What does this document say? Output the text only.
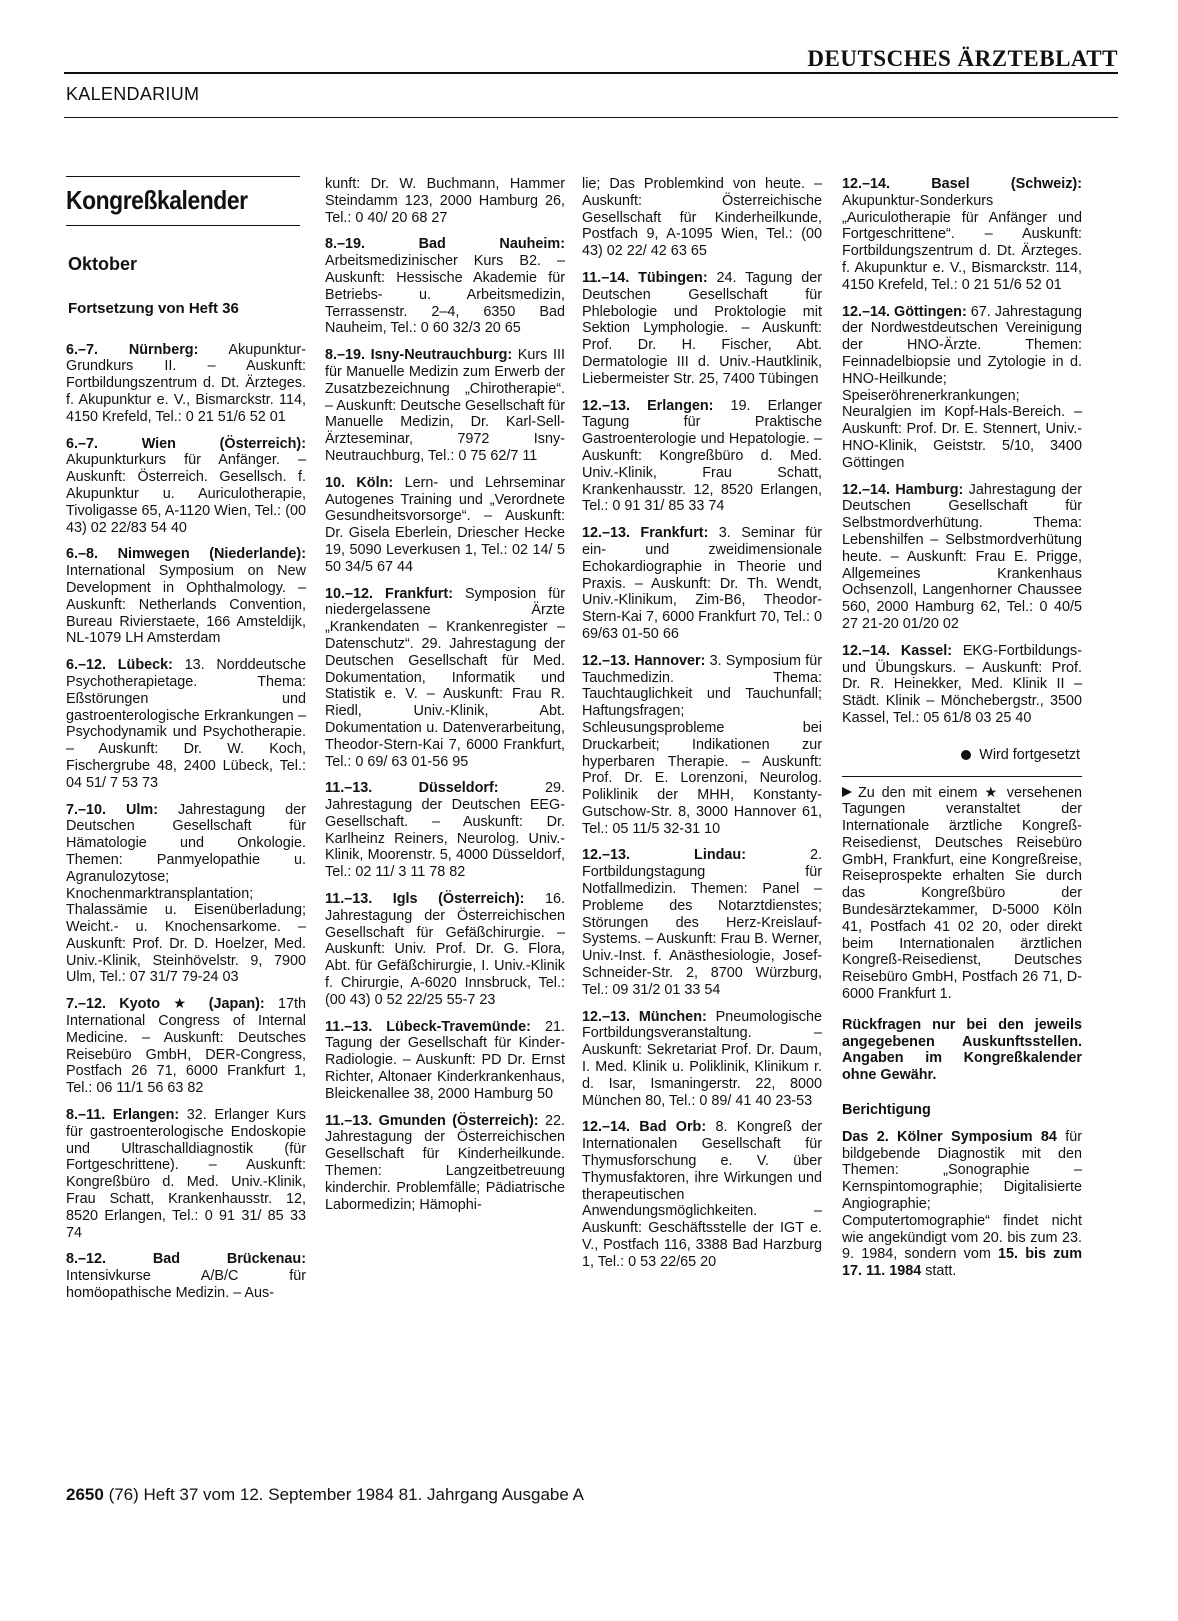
DEUTSCHES ÄRZTEBLATT
KALENDARIUM
Kongreßkalender
Oktober
Fortsetzung von Heft 36
6.–7. Nürnberg: Akupunktur-Grundkurs II. – Auskunft: Fortbildungszentrum d. Dt. Ärzteges. f. Akupunktur e. V., Bismarckstr. 114, 4150 Krefeld, Tel.: 0 21 51/6 52 01
6.–7. Wien (Österreich): Akupunkturkurs für Anfänger. – Auskunft: Österreich. Gesellsch. f. Akupunktur u. Auriculotherapie, Tivoligasse 65, A-1120 Wien, Tel.: (00 43) 02 22/83 54 40
6.–8. Nimwegen (Niederlande): International Symposium on New Development in Ophthalmology. – Auskunft: Netherlands Convention, Bureau Rivierstaete, 166 Amsteldijk, NL-1079 LH Amsterdam
6.–12. Lübeck: 13. Norddeutsche Psychotherapietage. Thema: Eßstörungen und gastroenterologische Erkrankungen – Psychodynamik und Psychotherapie. – Auskunft: Dr. W. Koch, Fischergrube 48, 2400 Lübeck, Tel.: 04 51/ 7 53 73
7.–10. Ulm: Jahrestagung der Deutschen Gesellschaft für Hämatologie und Onkologie. Themen: Panmyelopathie u. Agranulozytose; Knochenmarktransplantation; Thalassämie u. Eisenüberladung; Weicht.- u. Knochensarkome. – Auskunft: Prof. Dr. D. Hoelzer, Med. Univ.-Klinik, Steinhövelstr. 9, 7900 Ulm, Tel.: 07 31/7 79-24 03
7.–12. Kyoto ★ (Japan): 17th International Congress of Internal Medicine. – Auskunft: Deutsches Reisebüro GmbH, DER-Congress, Postfach 26 71, 6000 Frankfurt 1, Tel.: 06 11/1 56 63 82
8.–11. Erlangen: 32. Erlanger Kurs für gastroenterologische Endoskopie und Ultraschalldiagnostik (für Fortgeschrittene). – Auskunft: Kongreßbüro d. Med. Univ.-Klinik, Frau Schatt, Krankenhausstr. 12, 8520 Erlangen, Tel.: 0 91 31/ 85 33 74
8.–12. Bad Brückenau: Intensivkurse A/B/C für homöopathische Medizin. – Aus-
kunft: Dr. W. Buchmann, Hammer Steindamm 123, 2000 Hamburg 26, Tel.: 0 40/ 20 68 27
8.–19. Bad Nauheim: Arbeitsmedizinischer Kurs B2. – Auskunft: Hessische Akademie für Betriebs- u. Arbeitsmedizin, Terrassenstr. 2–4, 6350 Bad Nauheim, Tel.: 0 60 32/3 20 65
8.–19. Isny-Neutrauchburg: Kurs III für Manuelle Medizin zum Erwerb der Zusatzbezeichnung „Chirotherapie“. – Auskunft: Deutsche Gesellschaft für Manuelle Medizin, Dr. Karl-Sell-Ärzteseminar, 7972 Isny-Neutrauchburg, Tel.: 0 75 62/7 11
10. Köln: Lern- und Lehrseminar Autogenes Training und „Verordnete Gesundheitsvorsorge“. – Auskunft: Dr. Gisela Eberlein, Driescher Hecke 19, 5090 Leverkusen 1, Tel.: 02 14/ 5 50 34/5 67 44
10.–12. Frankfurt: Symposion für niedergelassene Ärzte „Krankendaten – Krankenregister – Datenschutz“. 29. Jahrestagung der Deutschen Gesellschaft für Med. Dokumentation, Informatik und Statistik e. V. – Auskunft: Frau R. Riedl, Univ.-Klinik, Abt. Dokumentation u. Datenverarbeitung, Theodor-Stern-Kai 7, 6000 Frankfurt, Tel.: 0 69/ 63 01-56 95
11.–13. Düsseldorf: 29. Jahrestagung der Deutschen EEG-Gesellschaft. – Auskunft: Dr. Karlheinz Reiners, Neurolog. Univ.-Klinik, Moorenstr. 5, 4000 Düsseldorf, Tel.: 02 11/ 3 11 78 82
11.–13. Igls (Österreich): 16. Jahrestagung der Österreichischen Gesellschaft für Gefäßchirurgie. – Auskunft: Univ. Prof. Dr. G. Flora, Abt. für Gefäßchirurgie, I. Univ.-Klinik f. Chirurgie, A-6020 Innsbruck, Tel.: (00 43) 0 52 22/25 55-7 23
11.–13. Lübeck-Travemünde: 21. Tagung der Gesellschaft für Kinder-Radiologie. – Auskunft: PD Dr. Ernst Richter, Altonaer Kinderkrankenhaus, Bleickenallee 38, 2000 Hamburg 50
11.–13. Gmunden (Österreich): 22. Jahrestagung der Österreichischen Gesellschaft für Kinderheilkunde. Themen: Langzeitbetreuung kinderchir. Problemfälle; Pädiatrische Labormedizin; Hämophi-
lie; Das Problemkind von heute. – Auskunft: Österreichische Gesellschaft für Kinderheilkunde, Postfach 9, A-1095 Wien, Tel.: (00 43) 02 22/ 42 63 65
11.–14. Tübingen: 24. Tagung der Deutschen Gesellschaft für Phlebologie und Proktologie mit Sektion Lymphologie. – Auskunft: Prof. Dr. H. Fischer, Abt. Dermatologie III d. Univ.-Hautklinik, Liebermeister Str. 25, 7400 Tübingen
12.–13. Erlangen: 19. Erlanger Tagung für Praktische Gastroenterologie und Hepatologie. – Auskunft: Kongreßbüro d. Med. Univ.-Klinik, Frau Schatt, Krankenhausstr. 12, 8520 Erlangen, Tel.: 0 91 31/ 85 33 74
12.–13. Frankfurt: 3. Seminar für ein- und zweidimensionale Echokardiographie in Theorie und Praxis. – Auskunft: Dr. Th. Wendt, Univ.-Klinikum, Zim-B6, Theodor-Stern-Kai 7, 6000 Frankfurt 70, Tel.: 0 69/63 01-50 66
12.–13. Hannover: 3. Symposium für Tauchmedizin. Thema: Tauchtauglichkeit und Tauchunfall; Haftungsfragen; Schleusungsprobleme bei Druckarbeit; Indikationen zur hyperbaren Therapie. – Auskunft: Prof. Dr. E. Lorenzoni, Neurolog. Poliklinik der MHH, Konstanty-Gutschow-Str. 8, 3000 Hannover 61, Tel.: 05 11/5 32-31 10
12.–13. Lindau: 2. Fortbildungstagung für Notfallmedizin. Themen: Panel – Probleme des Notarztdienstes; Störungen des Herz-Kreislauf-Systems. – Auskunft: Frau B. Werner, Univ.-Inst. f. Anästhesiologie, Josef-Schneider-Str. 2, 8700 Würzburg, Tel.: 09 31/2 01 33 54
12.–13. München: Pneumologische Fortbildungsveranstaltung. – Auskunft: Sekretariat Prof. Dr. Daum, I. Med. Klinik u. Poliklinik, Klinikum r. d. Isar, Ismaningerstr. 22, 8000 München 80, Tel.: 0 89/ 41 40 23-53
12.–14. Bad Orb: 8. Kongreß der Internationalen Gesellschaft für Thymusforschung e. V. über Thymusfaktoren, ihre Wirkungen und therapeutischen Anwendungsmöglichkeiten. – Auskunft: Geschäftsstelle der IGT e. V., Postfach 116, 3388 Bad Harzburg 1, Tel.: 0 53 22/65 20
12.–14. Basel (Schweiz): Akupunktur-Sonderkurs „Auriculotherapie für Anfänger und Fortgeschrittene“. – Auskunft: Fortbildungszentrum d. Dt. Ärzteges. f. Akupunktur e. V., Bismarckstr. 114, 4150 Krefeld, Tel.: 0 21 51/6 52 01
12.–14. Göttingen: 67. Jahrestagung der Nordwestdeutschen Vereinigung der HNO-Ärzte. Themen: Feinnadelbiopsie und Zytologie in d. HNO-Heilkunde; Speiseröhrenerkrankungen; Neuralgien im Kopf-Hals-Bereich. – Auskunft: Prof. Dr. E. Stennert, Univ.-HNO-Klinik, Geiststr. 5/10, 3400 Göttingen
12.–14. Hamburg: Jahrestagung der Deutschen Gesellschaft für Selbstmordverhütung. Thema: Lebenshilfen – Selbstmordverhütung heute. – Auskunft: Frau E. Prigge, Allgemeines Krankenhaus Ochsenzoll, Langenhorner Chaussee 560, 2000 Hamburg 62, Tel.: 0 40/5 27 21-20 01/20 02
12.–14. Kassel: EKG-Fortbildungs- und Übungskurs. – Auskunft: Prof. Dr. R. Heinekker, Med. Klinik II – Städt. Klinik – Mönchebergstr., 3500 Kassel, Tel.: 05 61/8 03 25 40
Wird fortgesetzt
Zu den mit einem ★ versehenen Tagungen veranstaltet der Internationale ärztliche Kongreß-Reisedienst, Deutsches Reisebüro GmbH, Frankfurt, eine Kongreßreise, Reiseprospekte erhalten Sie durch das Kongreßbüro der Bundesärztekammer, D-5000 Köln 41, Postfach 41 02 20, oder direkt beim Internationalen ärztlichen Kongreß-Reisedienst, Deutsches Reisebüro GmbH, Postfach 26 71, D-6000 Frankfurt 1.
Rückfragen nur bei den jeweils angegebenen Auskunftsstellen. Angaben im Kongreßkalender ohne Gewähr.
Berichtigung
Das 2. Kölner Symposium 84 für bildgebende Diagnostik mit den Themen: „Sonographie – Kernspintomographie; Digitalisierte Angiographie; Computertomographie“ findet nicht wie angekündigt vom 20. bis zum 23. 9. 1984, sondern vom 15. bis zum 17. 11. 1984 statt.
2650 (76) Heft 37 vom 12. September 1984 81. Jahrgang Ausgabe A
